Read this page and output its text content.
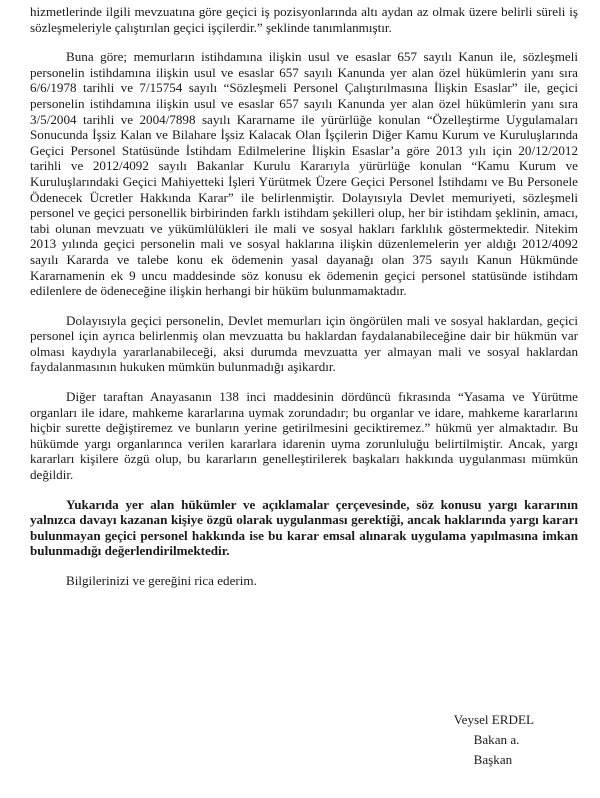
hizmetlerinde ilgili mevzuatına göre geçici iş pozisyonlarında altı aydan az olmak üzere belirli süreli iş sözleşmeleriyle çalıştırılan geçici işçilerdir.” şeklinde tanımlanmıştır.

Buna göre; memurların istihdamına ilişkin usul ve esaslar 657 sayılı Kanun ile, sözleşmeli personelin istihdamına ilişkin usul ve esaslar 657 sayılı Kanunda yer alan özel hükümlerin yanı sıra 6/6/1978 tarihli ve 7/15754 sayılı “Sözleşmeli Personel Çalıştırılmasına İlişkin Esaslar” ile, geçici personelin istihdamına ilişkin usul ve esaslar 657 sayılı Kanunda yer alan özel hükümlerin yanı sıra 3/5/2004 tarihli ve 2004/7898 sayılı Kararname ile yürürlüğe konulan “Özelleştirme Uygulamaları Sonucunda İşsiz Kalan ve Bilahare İşsiz Kalacak Olan İşçilerin Diğer Kamu Kurum ve Kuruluşlarında Geçici Personel Statüsünde İstihdam Edilmelerine İlişkin Esaslar’a göre 2013 yılı için 20/12/2012 tarihli ve 2012/4092 sayılı Bakanlar Kurulu Kararıyla yürürlüğe konulan “Kamu Kurum ve Kuruluşlarındaki Geçici Mahiyetteki İşleri Yürütmek Üzere Geçici Personel İstihdamı ve Bu Personele Ödenecek Ücretler Hakkında Karar” ile belirlenmiştir. Dolayısıyla Devlet memuriyeti, sözleşmeli personel ve geçici personellik birbirinden farklı istihdam şekilleri olup, her bir istihdam şeklinin, amacı, tabi olunan mevzuatı ve yükümlülükleri ile mali ve sosyal hakları farklılık göstermektedir. Nitekim 2013 yılında geçici personelin mali ve sosyal haklarına ilişkin düzenlemelerin yer aldığı 2012/4092 sayılı Kararda ve talebe konu ek ödemenin yasal dayanağı olan 375 sayılı Kanun Hükmünde Kararnamenin ek 9 uncu maddesinde söz konusu ek ödemenin geçici personel statüsünde istihdam edilenlere de ödeneceğine ilişkin herhangi bir hüküm bulunmamaktadır.

Dolayısıyla geçici personelin, Devlet memurları için öngörülen mali ve sosyal haklardan, geçici personel için ayrıca belirlenmiş olan mevzuatta bu haklardan faydalanabileceğine dair bir hükmün var olması kaydıyla yararlanabileceği, aksi durumda mevzuatta yer almayan mali ve sosyal haklardan faydalanmasının hukuken mümkün bulunmadığı aşikardır.

Diğer taraftan Anayasanın 138 inci maddesinin dördüncü fıkrasında “Yasama ve Yürütme organları ile idare, mahkeme kararlarına uymak zorundadır; bu organlar ve idare, mahkeme kararlarını hiçbir surette değiştiremez ve bunların yerine getirilmesini geciktiremez.” hükmü yer almaktadır. Bu hükümde yargı organlarınca verilen kararlara idarenin uyma zorunluluğu belirtilmiştir. Ancak, yargı kararları kişilere özgü olup, bu kararların genelleştirilerek başkaları hakkında uygulanması mümkün değildir.

Yukarıda yer alan hükümler ve açıklamalar çerçevesinde, söz konusu yargı kararının yalnızca davayı kazanan kişiye özgü olarak uygulanması gerektiği, ancak haklarında yargı kararı bulunmayan geçici personel hakkında ise bu karar emsal alınarak uygulama yapılmasına imkan bulunmadığı değerlendirilmektedir.

Bilgilerinizi ve gereğini rica ederim.

Veysel ERDEL
Bakan a.
Başkan
